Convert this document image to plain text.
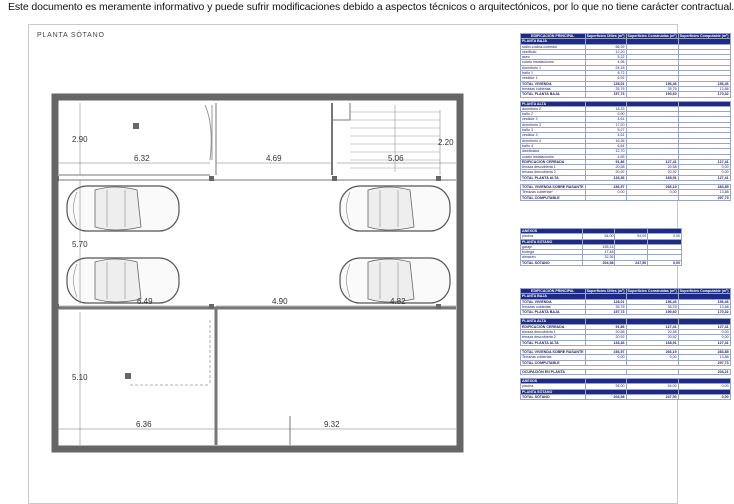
Este documento es meramente informativo y puede sufrir modificaciones debido a aspectos técnicos o arquitectónicos, por lo que no tiene carácter contractual.
PLANTA SÓTANO
2.90
6.32	4.69	5.06
2.20
5.70
6.49	4.90	4.82
5.10
6.36	9.32
EDIFICACIÓN PRINCIPAL	Superficies Útiles (m²)	Superficies Construidas (m²)	Superficies Computable (m²)
PLANTA BAJA			
salón-cocina-comedor	66,39		
vestíbulo	12,20		
aseo	5,22		
cuarto instalaciones	4,96		
dormitorio 1	24,18		
baño 1	8,72		
vestidor 1	6,92		
TOTAL VIVIENDA	128,01	156,46	156,46
terrazas cubiertas	35,76	35,76	13,88
TOTAL PLANTA BAJA	157,73	190,60	170,32

PLANTA ALTA			
dormitorio 2	18,33		
baño 2	5,90		
vestidor 2	4,61		
dormitorio 3	17,20		
baño 3	5,27		
vestidor 3	4,61		
dormitorio 4	16,36		
baño 4	6,64		
distribuidor	12,70		
cuarto instalaciones	4,65		
EDIFICACIÓN CERRADA	91,86	127,41	127,41
terraza descubierta 1	20,58	20,58	0,00
terraza descubierta 2	20,92	20,92	0,00
TOTAL PLANTA ALTA	133,36	168,91	127,41

TOTAL VIVIENDA SOBRE RASANTE	236,97	266,19	283,85
Terrazas cubiertas*	0,00	0,00	13,88
TOTAL COMPUTABLE			297,73
ANEXOS			
piscina	54,00	54,00	0,00
PLANTA SÓTANO			
garaje	155,14		
bodega	17,48		
almacén	32,36		
TOTAL SÓTANO	204,98	247,50	0,00
EDIFICACIÓN PRINCIPAL	Superficies Útiles (m²)	Superficies Construidas (m²)	Superficies Computable (m²)
PLANTA BAJA			
TOTAL VIVIENDA	128,01	156,46	156,46
terrazas cubiertas	35,76	35,76	13,88
TOTAL PLANTA BAJA	157,73	190,60	170,32

PLANTA ALTA			
EDIFICACIÓN CERRADA	91,86	127,41	127,41
terraza descubierta 1	20,58	20,58	0,00
terraza descubierta 2	20,92	20,92	0,00
TOTAL PLANTA ALTA	133,36	168,91	127,41

TOTAL VIVIENDA SOBRE RASANTE	236,97	266,19	283,85
Terrazas cubiertas	0,00	0,00	13,88
TOTAL COMPUTABLE			297,73

OCUPACIÓN EN PLANTA			204,21

ANEXOS			
piscina	54,00	54,00	0,00
PLANTA SÓTANO			
TOTAL SÓTANO	204,98	247,50	0,00
